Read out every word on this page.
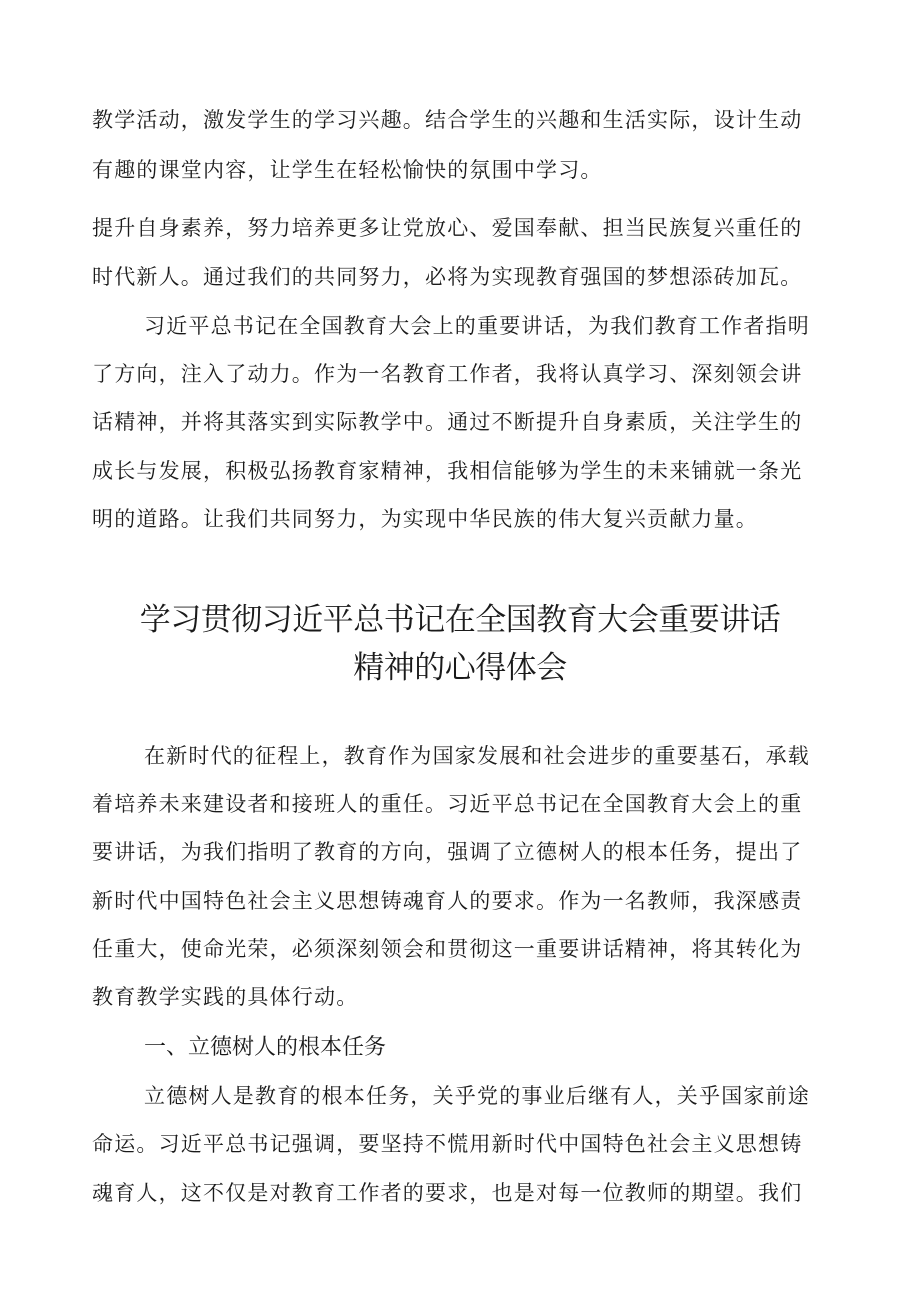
教学活动，激发学生的学习兴趣。结合学生的兴趣和生活实际，设计生动
有趣的课堂内容，让学生在轻松愉快的氛围中学习。
提升自身素养，努力培养更多让党放心、爱国奉献、担当民族复兴重任的
时代新人。通过我们的共同努力，必将为实现教育强国的梦想添砖加瓦。
习近平总书记在全国教育大会上的重要讲话，为我们教育工作者指明
了方向，注入了动力。作为一名教育工作者，我将认真学习、深刻领会讲
话精神，并将其落实到实际教学中。通过不断提升自身素质，关注学生的
成长与发展，积极弘扬教育家精神，我相信能够为学生的未来铺就一条光
明的道路。让我们共同努力，为实现中华民族的伟大复兴贡献力量。
学习贯彻习近平总书记在全国教育大会重要讲话
精神的心得体会
在新时代的征程上，教育作为国家发展和社会进步的重要基石，承载
着培养未来建设者和接班人的重任。习近平总书记在全国教育大会上的重
要讲话，为我们指明了教育的方向，强调了立德树人的根本任务，提出了
新时代中国特色社会主义思想铸魂育人的要求。作为一名教师，我深感责
任重大，使命光荣，必须深刻领会和贯彻这一重要讲话精神，将其转化为
教育教学实践的具体行动。
一、立德树人的根本任务
立德树人是教育的根本任务，关乎党的事业后继有人，关乎国家前途
命运。习近平总书记强调，要坚持不慌用新时代中国特色社会主义思想铸
魂育人，这不仅是对教育工作者的要求，也是对每一位教师的期望。我们
